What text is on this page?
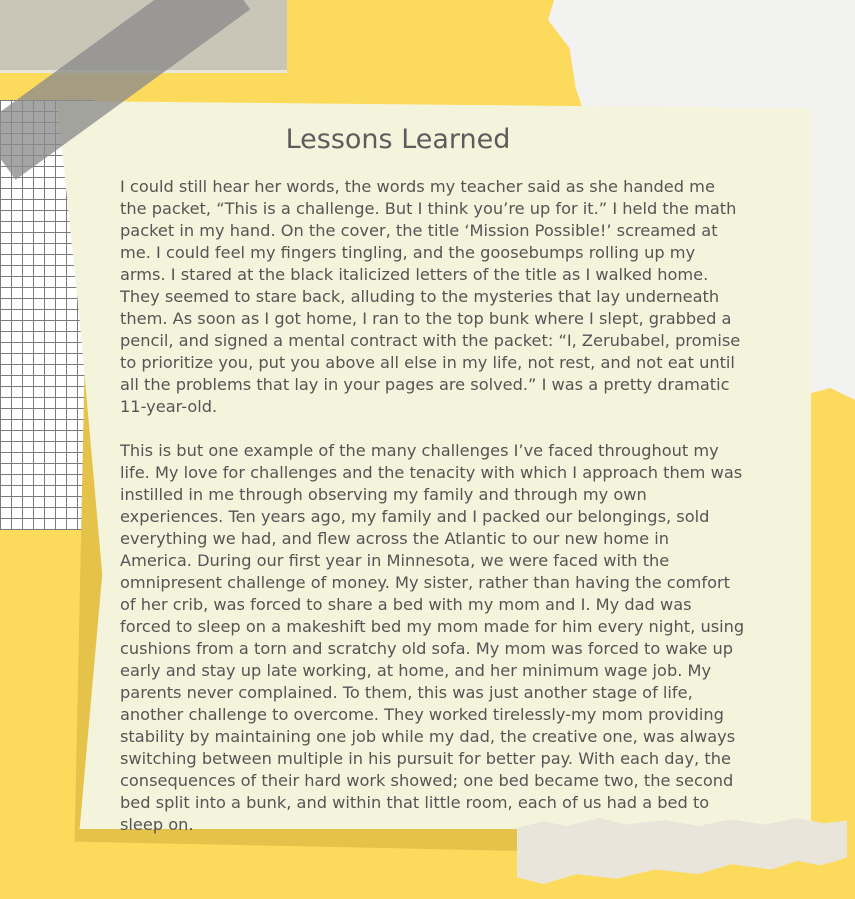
Lessons Learned

I could still hear her words, the words my teacher said as she handed me the packet, “This is a challenge. But I think you’re up for it.” I held the math packet in my hand. On the cover, the title ‘Mission Possible!’ screamed at me. I could feel my fingers tingling, and the goosebumps rolling up my arms. I stared at the black italicized letters of the title as I walked home. They seemed to stare back, alluding to the mysteries that lay underneath them. As soon as I got home, I ran to the top bunk where I slept, grabbed a pencil, and signed a mental contract with the packet: “I, Zerubabel, promise to prioritize you, put you above all else in my life, not rest, and not eat until all the problems that lay in your pages are solved.” I was a pretty dramatic 11-year-old.

This is but one example of the many challenges I’ve faced throughout my life. My love for challenges and the tenacity with which I approach them was instilled in me through observing my family and through my own experiences. Ten years ago, my family and I packed our belongings, sold everything we had, and flew across the Atlantic to our new home in America. During our first year in Minnesota, we were faced with the omnipresent challenge of money. My sister, rather than having the comfort of her crib, was forced to share a bed with my mom and I. My dad was forced to sleep on a makeshift bed my mom made for him every night, using cushions from a torn and scratchy old sofa. My mom was forced to wake up early and stay up late working, at home, and her minimum wage job. My parents never complained. To them, this was just another stage of life, another challenge to overcome. They worked tirelessly-my mom providing stability by maintaining one job while my dad, the creative one, was always switching between multiple in his pursuit for better pay. With each day, the consequences of their hard work showed; one bed became two, the second bed split into a bunk, and within that little room, each of us had a bed to sleep on.
